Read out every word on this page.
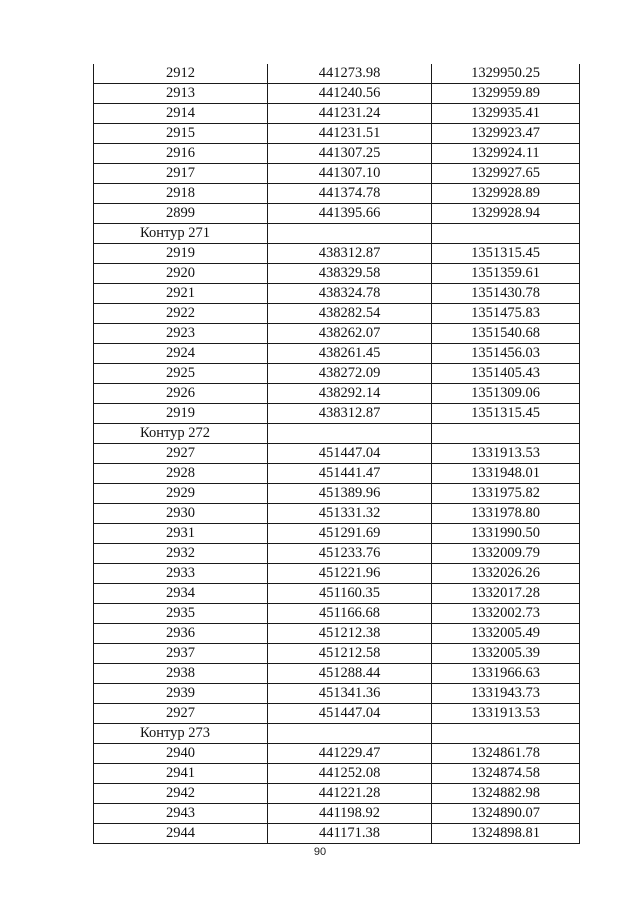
2912	441273.98	1329950.25
2913	441240.56	1329959.89
2914	441231.24	1329935.41
2915	441231.51	1329923.47
2916	441307.25	1329924.11
2917	441307.10	1329927.65
2918	441374.78	1329928.89
2899	441395.66	1329928.94
Контур 271		
2919	438312.87	1351315.45
2920	438329.58	1351359.61
2921	438324.78	1351430.78
2922	438282.54	1351475.83
2923	438262.07	1351540.68
2924	438261.45	1351456.03
2925	438272.09	1351405.43
2926	438292.14	1351309.06
2919	438312.87	1351315.45
Контур 272		
2927	451447.04	1331913.53
2928	451441.47	1331948.01
2929	451389.96	1331975.82
2930	451331.32	1331978.80
2931	451291.69	1331990.50
2932	451233.76	1332009.79
2933	451221.96	1332026.26
2934	451160.35	1332017.28
2935	451166.68	1332002.73
2936	451212.38	1332005.49
2937	451212.58	1332005.39
2938	451288.44	1331966.63
2939	451341.36	1331943.73
2927	451447.04	1331913.53
Контур 273		
2940	441229.47	1324861.78
2941	441252.08	1324874.58
2942	441221.28	1324882.98
2943	441198.92	1324890.07
2944	441171.38	1324898.81
90
